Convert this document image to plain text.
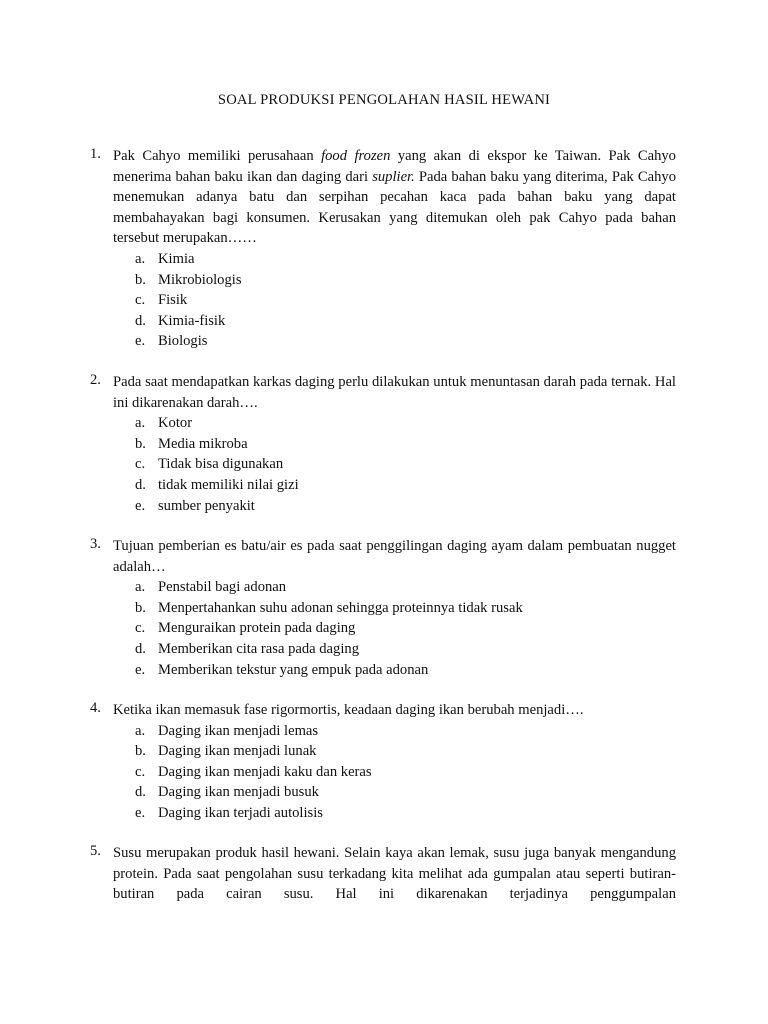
SOAL PRODUKSI PENGOLAHAN HASIL HEWANI
1. Pak Cahyo memiliki perusahaan food frozen yang akan di ekspor ke Taiwan. Pak Cahyo menerima bahan baku ikan dan daging dari suplier. Pada bahan baku yang diterima, Pak Cahyo menemukan adanya batu dan serpihan pecahan kaca pada bahan baku yang dapat membahayakan bagi konsumen. Kerusakan yang ditemukan oleh pak Cahyo pada bahan tersebut merupakan……
a. Kimia
b. Mikrobiologis
c. Fisik
d. Kimia-fisik
e. Biologis
2. Pada saat mendapatkan karkas daging perlu dilakukan untuk menuntasan darah pada ternak. Hal ini dikarenakan darah….
a. Kotor
b. Media mikroba
c. Tidak bisa digunakan
d. tidak memiliki nilai gizi
e. sumber penyakit
3. Tujuan pemberian es batu/air es pada saat penggilingan daging ayam dalam pembuatan nugget adalah…
a. Penstabil bagi adonan
b. Menpertahankan suhu adonan sehingga proteinnya tidak rusak
c. Menguraikan protein pada daging
d. Memberikan cita rasa pada daging
e. Memberikan tekstur yang empuk pada adonan
4. Ketika ikan memasuk fase rigormortis, keadaan daging ikan berubah menjadi….
a. Daging ikan menjadi lemas
b. Daging ikan menjadi lunak
c. Daging ikan menjadi kaku dan keras
d. Daging ikan menjadi busuk
e. Daging ikan terjadi autolisis
5. Susu merupakan produk hasil hewani. Selain kaya akan lemak, susu juga banyak mengandung protein. Pada saat pengolahan susu terkadang kita melihat ada gumpalan atau seperti butiran-butiran pada cairan susu. Hal ini dikarenakan terjadinya penggumpalan
